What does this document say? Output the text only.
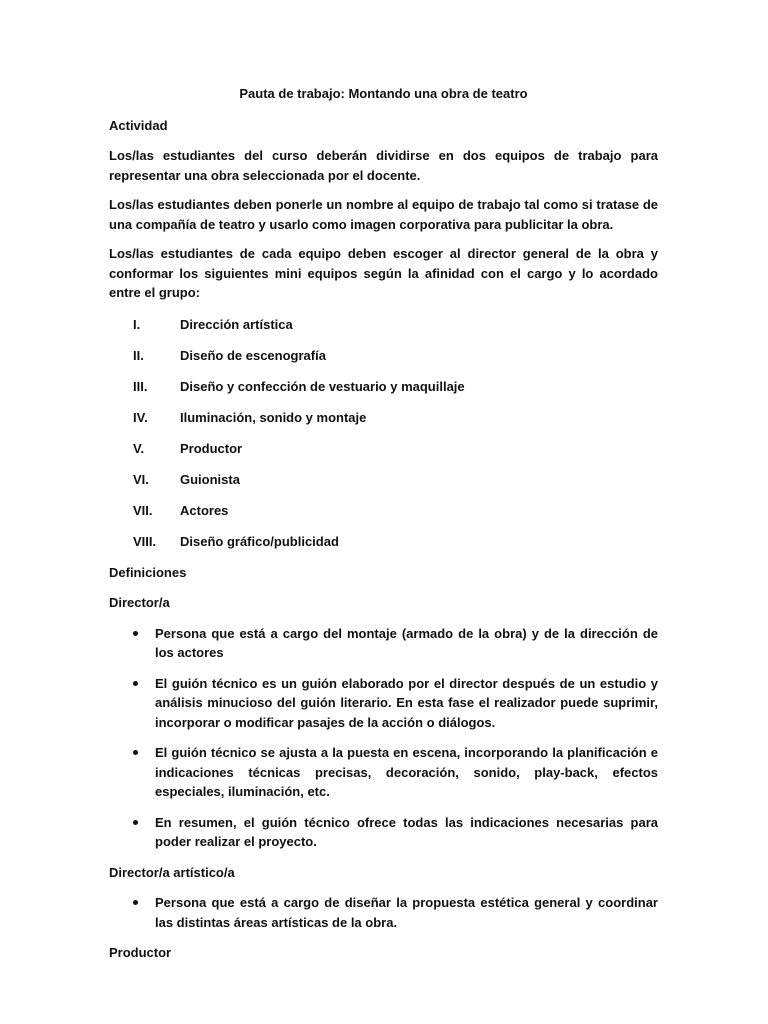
Pauta de trabajo: Montando una obra de teatro
Actividad

Los/las estudiantes del curso deberán dividirse en dos equipos de trabajo para representar una obra seleccionada por el docente.

Los/las estudiantes deben ponerle un nombre al equipo de trabajo tal como si tratase de una compañía de teatro y usarlo como imagen corporativa para publicitar la obra.

Los/las estudiantes de cada equipo deben escoger al director general de la obra y conformar los siguientes mini equipos según la afinidad con el cargo y lo acordado entre el grupo:

I.	Dirección artística
II.	Diseño de escenografía
III.	Diseño y confección de vestuario y maquillaje
IV.	Iluminación, sonido y montaje
V.	Productor
VI.	Guionista
VII.	Actores
VIII.	Diseño gráfico/publicidad
Definiciones
Director/a
Persona que está a cargo del montaje (armado de la obra) y de la dirección de los actores
El guión técnico es un guión elaborado por el director después de un estudio y análisis minucioso del guión literario. En esta fase el realizador puede suprimir, incorporar o modificar pasajes de la acción o diálogos.
El guión técnico se ajusta a la puesta en escena, incorporando la planificación e indicaciones técnicas precisas, decoración, sonido, play-back, efectos especiales, iluminación, etc.
En resumen, el guión técnico ofrece todas las indicaciones necesarias para poder realizar el proyecto.
Director/a artístico/a
Persona que está a cargo de diseñar la propuesta estética general y coordinar las distintas áreas artísticas de la obra.
Productor
